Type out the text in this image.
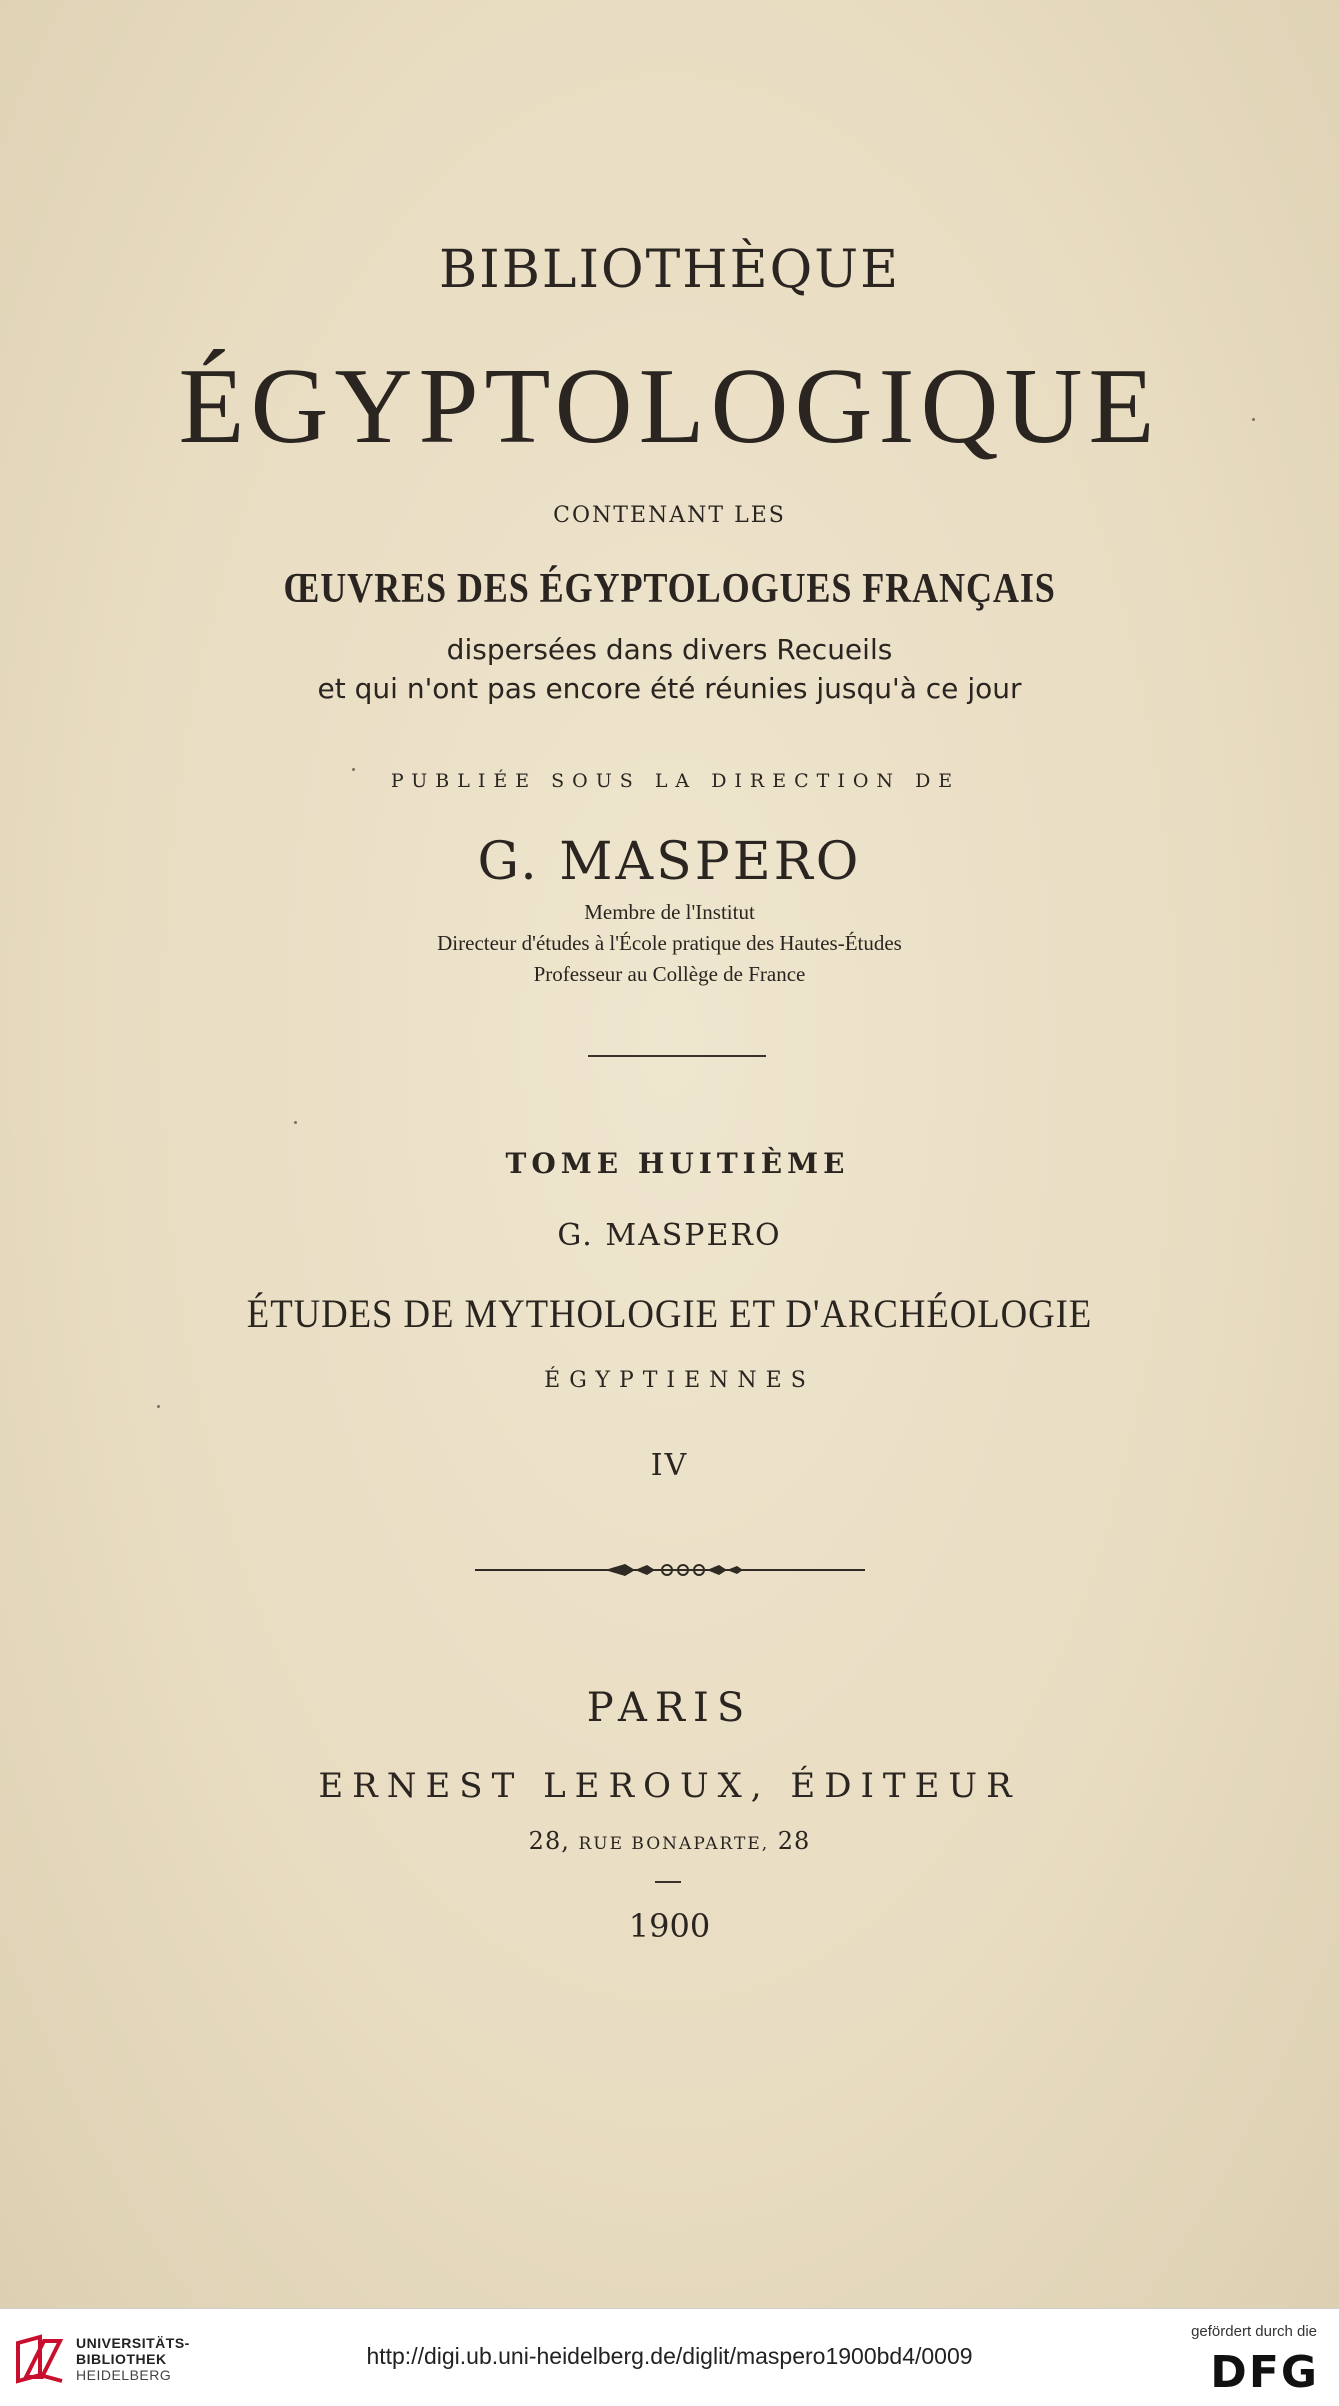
BIBLIOTHÈQUE
ÉGYPTOLOGIQUE
CONTENANT LES
ŒUVRES DES ÉGYPTOLOGUES FRANÇAIS
dispersées dans divers Recueils
et qui n'ont pas encore été réunies jusqu'à ce jour
PUBLIÉE SOUS LA DIRECTION DE
G. MASPERO
Membre de l'Institut
Directeur d'études à l'École pratique des Hautes-Études
Professeur au Collège de France
TOME HUITIÈME
G. MASPERO
ÉTUDES DE MYTHOLOGIE ET D'ARCHÉOLOGIE
ÉGYPTIENNES
IV
PARIS
ERNEST LEROUX, ÉDITEUR
28, RUE BONAPARTE, 28
1900
UNIVERSITÄTS-
BIBLIOTHEK
HEIDELBERG
http://digi.ub.uni-heidelberg.de/diglit/maspero1900bd4/0009
gefördert durch die
DFG
